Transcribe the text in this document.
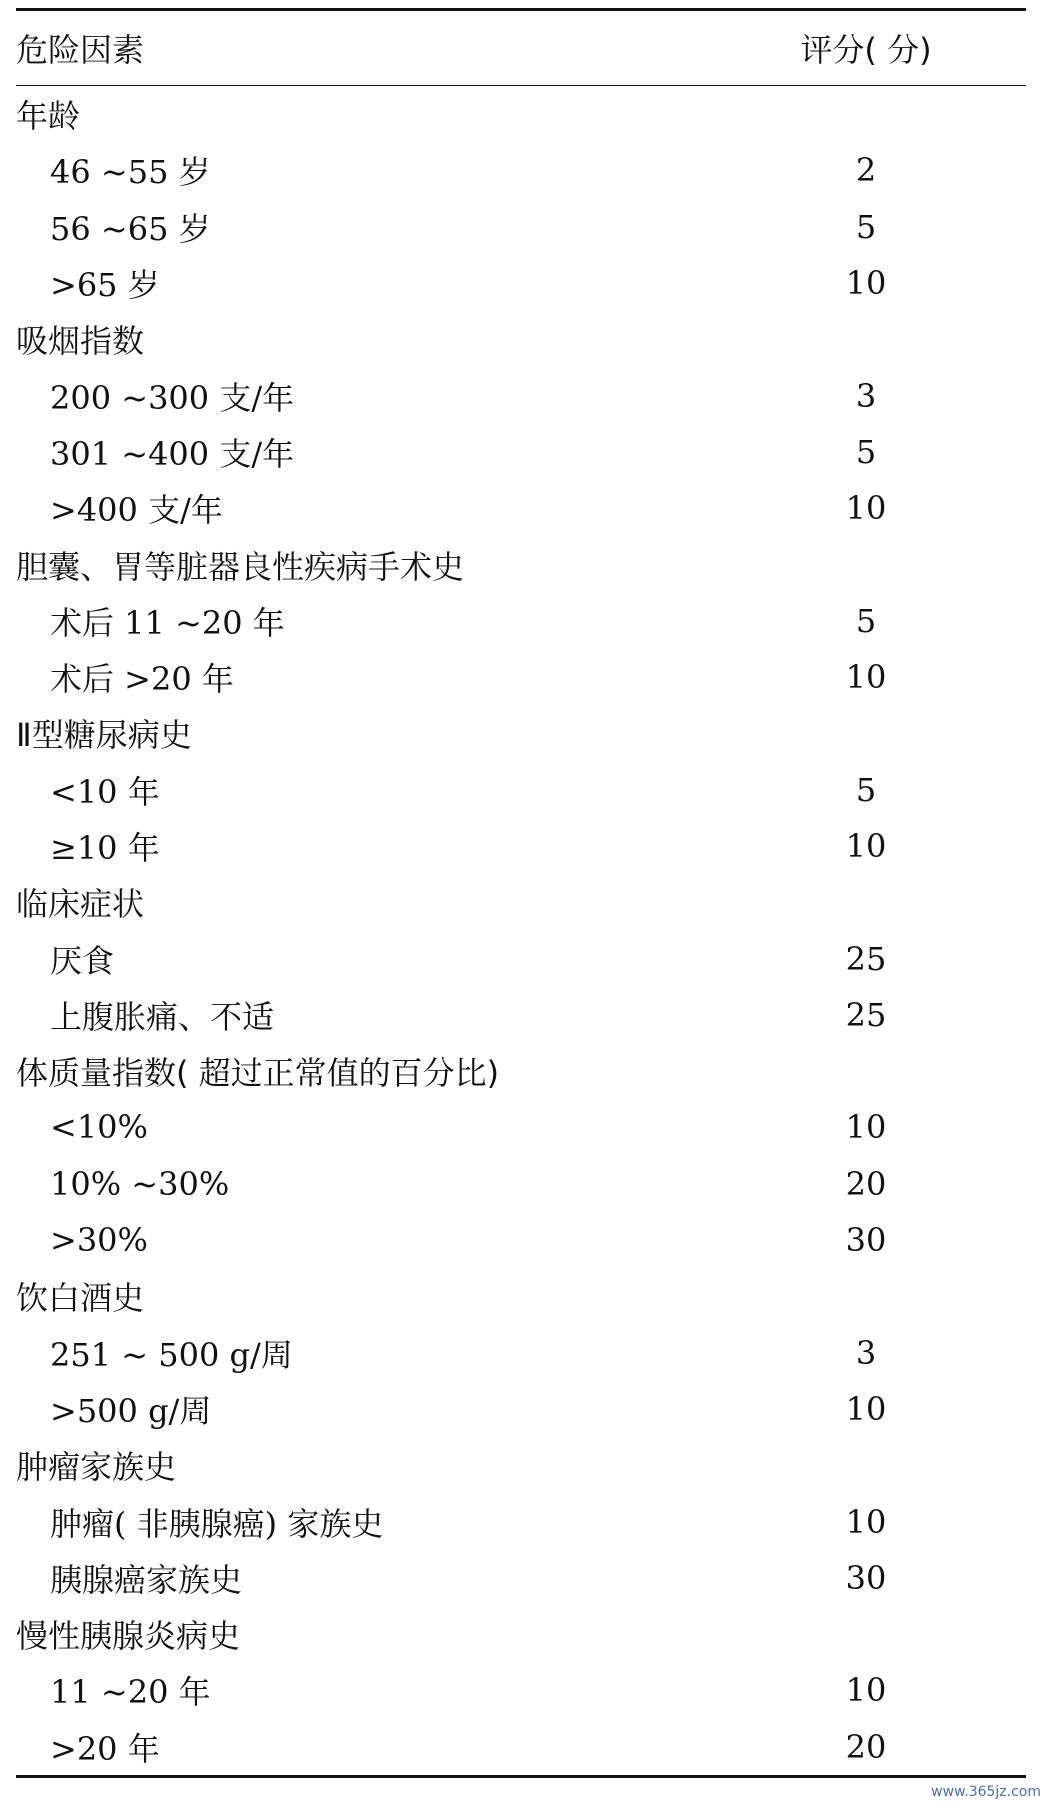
危险因素	评分( 分)
年龄
46 ~55 岁	2
56 ~65 岁	5
>65 岁	10
吸烟指数
200 ~300 支/年	3
301 ~400 支/年	5
>400 支/年	10
胆囊、胃等脏器良性疾病手术史
术后 11 ~20 年	5
术后 >20 年	10
Ⅱ型糖尿病史
<10 年	5
≥10 年	10
临床症状
厌食	25
上腹胀痛、不适	25
体质量指数( 超过正常值的百分比)
<10%	10
10% ~30%	20
>30%	30
饮白酒史
251 ~ 500 g/周	3
>500 g/周	10
肿瘤家族史
肿瘤( 非胰腺癌) 家族史	10
胰腺癌家族史	30
慢性胰腺炎病史
11 ~20 年	10
>20 年	20
www.365jz.com
